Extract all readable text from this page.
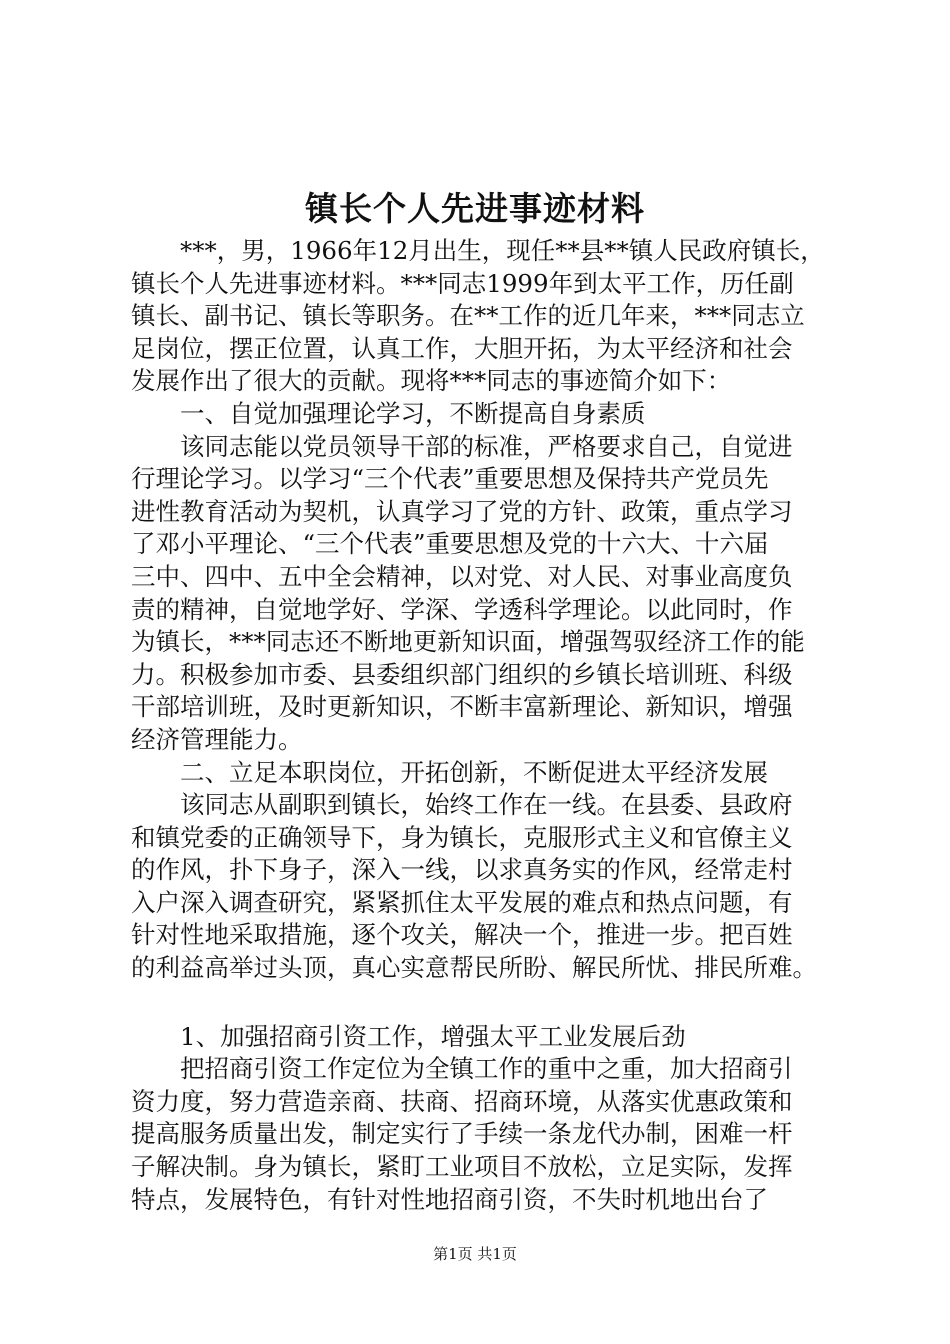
镇长个人先进事迹材料
***，男，1966年12月出生，现任**县**镇人民政府镇长，
镇长个人先进事迹材料。***同志1999年到太平工作，历任副
镇长、副书记、镇长等职务。在**工作的近几年来，***同志立
足岗位，摆正位置，认真工作，大胆开拓，为太平经济和社会
发展作出了很大的贡献。现将***同志的事迹简介如下：
一、自觉加强理论学习，不断提高自身素质
该同志能以党员领导干部的标准，严格要求自己，自觉进
行理论学习。以学习“三个代表”重要思想及保持共产党员先
进性教育活动为契机，认真学习了党的方针、政策，重点学习
了邓小平理论、“三个代表”重要思想及党的十六大、十六届
三中、四中、五中全会精神，以对党、对人民、对事业高度负
责的精神，自觉地学好、学深、学透科学理论。以此同时，作
为镇长，***同志还不断地更新知识面，增强驾驭经济工作的能
力。积极参加市委、县委组织部门组织的乡镇长培训班、科级
干部培训班，及时更新知识，不断丰富新理论、新知识，增强
经济管理能力。
二、立足本职岗位，开拓创新，不断促进太平经济发展
该同志从副职到镇长，始终工作在一线。在县委、县政府
和镇党委的正确领导下，身为镇长，克服形式主义和官僚主义
的作风，扑下身子，深入一线，以求真务实的作风，经常走村
入户深入调查研究，紧紧抓住太平发展的难点和热点问题，有
针对性地采取措施，逐个攻关，解决一个，推进一步。把百姓
的利益高举过头顶，真心实意帮民所盼、解民所忧、排民所难。
1、加强招商引资工作，增强太平工业发展后劲
把招商引资工作定位为全镇工作的重中之重，加大招商引
资力度，努力营造亲商、扶商、招商环境，从落实优惠政策和
提高服务质量出发，制定实行了手续一条龙代办制，困难一杆
子解决制。身为镇长，紧盯工业项目不放松，立足实际，发挥
特点，发展特色，有针对性地招商引资，不失时机地出台了
第1页 共1页
